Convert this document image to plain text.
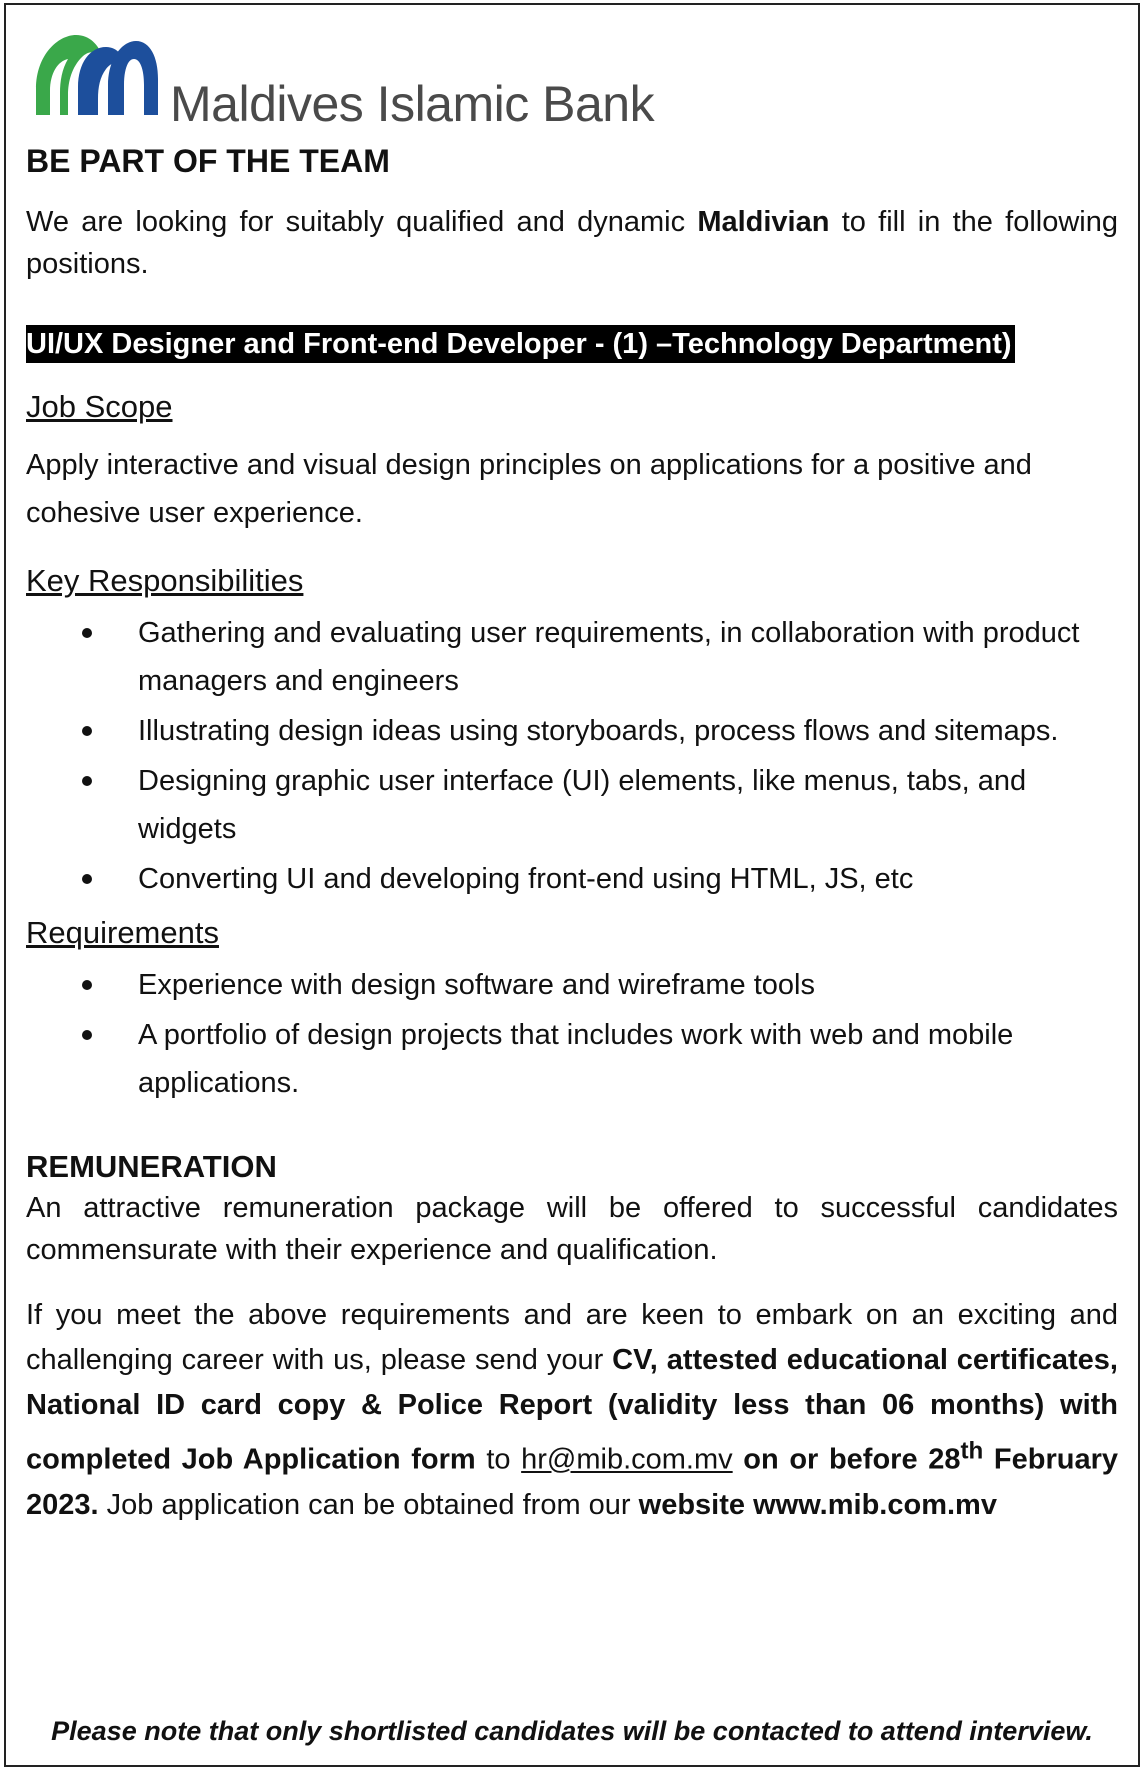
Maldives Islamic Bank
BE PART OF THE TEAM

We are looking for suitably qualified and dynamic Maldivian to fill in the following positions.

UI/UX Designer and Front-end Developer - (1) –Technology Department)
Job Scope

Apply interactive and visual design principles on applications for a positive and cohesive user experience.

Key Responsibilities
Gathering and evaluating user requirements, in collaboration with product managers and engineers
Illustrating design ideas using storyboards, process flows and sitemaps.
Designing graphic user interface (UI) elements, like menus, tabs, and widgets
Converting UI and developing front-end using HTML, JS, etc
Requirements
Experience with design software and wireframe tools
A portfolio of design projects that includes work with web and mobile applications.
REMUNERATION

An attractive remuneration package will be offered to successful candidates commensurate with their experience and qualification.

If you meet the above requirements and are keen to embark on an exciting and challenging career with us, please send your CV, attested educational certificates, National ID card copy & Police Report (validity less than 06 months) with completed Job Application form to hr@mib.com.mv on or before 28th February 2023. Job application can be obtained from our website www.mib.com.mv

Please note that only shortlisted candidates will be contacted to attend interview.
